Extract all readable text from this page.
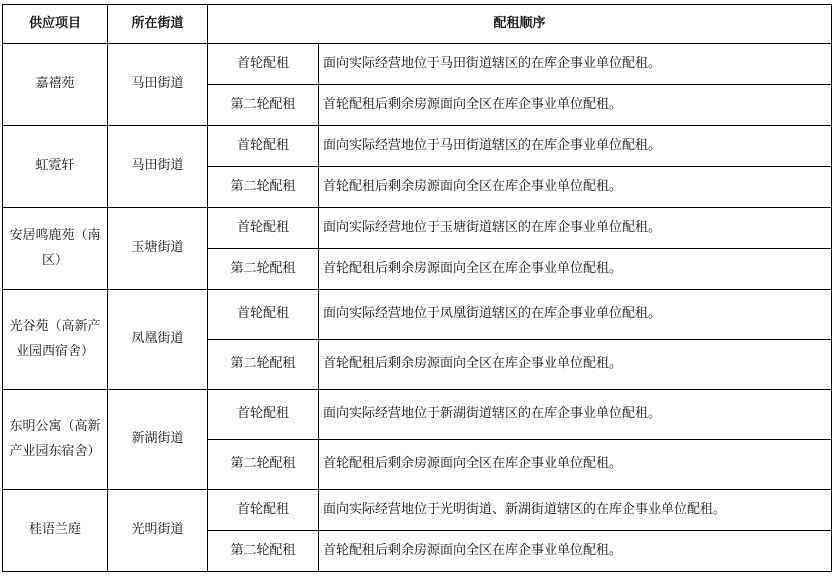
供应项目	所在街道	配租顺序	
嘉禧苑	马田街道	首轮配租	面向实际经营地位于马田街道辖区的在库企事业单位配租。
		第二轮配租	首轮配租后剩余房源面向全区在库企事业单位配租。
虹霓轩	马田街道	首轮配租	面向实际经营地位于马田街道辖区的在库企事业单位配租。
		第二轮配租	首轮配租后剩余房源面向全区在库企事业单位配租。
安居鸣鹿苑（南区）	玉塘街道	首轮配租	面向实际经营地位于玉塘街道辖区的在库企事业单位配租。
		第二轮配租	首轮配租后剩余房源面向全区在库企事业单位配租。
光谷苑（高新产业园西宿舍）	凤凰街道	首轮配租	面向实际经营地位于凤凰街道辖区的在库企事业单位配租。
		第二轮配租	首轮配租后剩余房源面向全区在库企事业单位配租。
东明公寓（高新产业园东宿舍）	新湖街道	首轮配租	面向实际经营地位于新湖街道辖区的在库企事业单位配租。
		第二轮配租	首轮配租后剩余房源面向全区在库企事业单位配租。
桂语兰庭	光明街道	首轮配租	面向实际经营地位于光明街道、新湖街道辖区的在库企事业单位配租。
		第二轮配租	首轮配租后剩余房源面向全区在库企事业单位配租。
